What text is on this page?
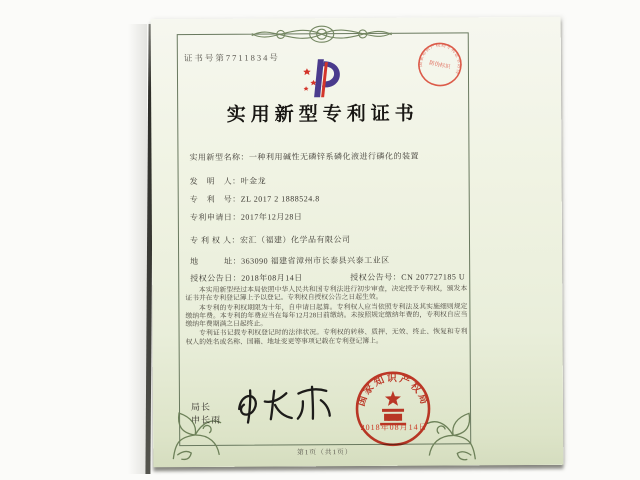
证书号第7711834号
实用新型专利证书
实用新型名称：一种利用碱性无磷锌系磷化液进行磷化的装置
发　明　人：叶金龙
专　利　号：ZL 2017 2 1888524.8
专利申请日：2017年12月28日
专 利 权 人：宏汇（福建）化学品有限公司
地　　　址：363090 福建省漳州市长泰县兴泰工业区
授权公告日：2018年08月14日	授权公告号：CN 207727185 U

本实用新型经过本局依照中华人民共和国专利法进行初步审查，决定授予专利权，颁发本证书并在专利登记簿上予以登记。专利权自授权公告之日起生效。

本专利的专利权期限为十年，自申请日起算。专利权人应当依照专利法及其实施细则规定缴纳年费。本专利的年费应当在每年12月28日前缴纳。未按照规定缴纳年费的，专利权自应当缴纳年费期满之日起终止。

专利证书记载专利权登记时的法律状况。专利权的转移、质押、无效、终止、恢复和专利权人的姓名或名称、国籍、地址变更等事项记载在专利登记簿上。

局长
申长雨
国家知识产权局
2018年08月14日
第1页（共1页）
国家知识产权局专利证书防伪
防伪标识
